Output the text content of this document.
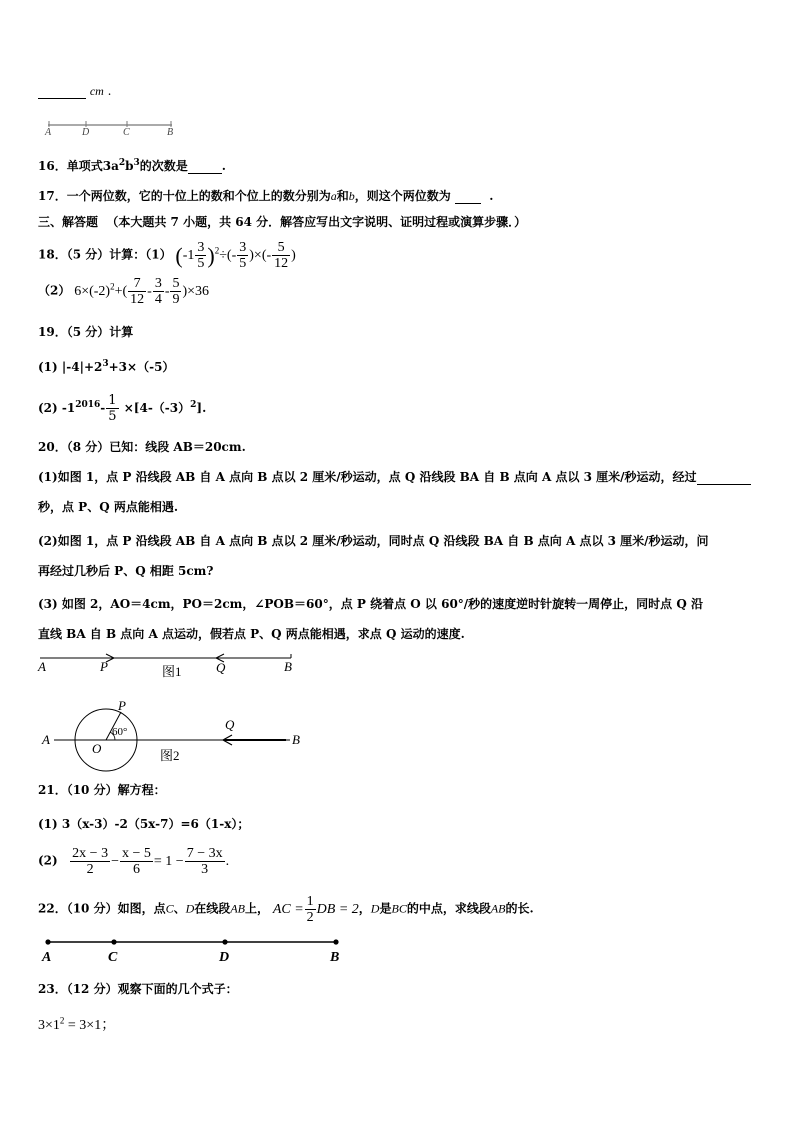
cm .
A	D	C	B
16．单项式$3a^2b^3$的次数是	.
17．一个两位数，它的十位上的数和个位上的数分别为a和b，则这个两位数为	.
三、解答题 （本大题共 7 小题，共 64 分．解答应写出文字说明、证明过程或演算步骤．）
18．（5 分）计算：（1） $(-1 \frac{3}{5} )^2\div(- \frac{3}{5}$ )×(- $\frac{5}{12}$ )
（2） $6\times(-2)^2+( \frac{7}{12} - \frac{3}{4} - \frac{5}{9} )\times 36$
19．（5 分）计算
(1) $|-4|+2^3+3\times(-5)$
(2) $-1^{2016}- \frac{1}{5} \times[4-(-3)^2]$.
20．（8 分）已知：线段 AB＝20cm.
(1)如图 1，点 P 沿线段 AB 自 A 点向 B 点以 2 厘米/秒运动，点 Q 沿线段 BA 自 B 点向 A 点以 3 厘米/秒运动，经过
秒，点 P、Q 两点能相遇.
(2)如图 1，点 P 沿线段 AB 自 A 点向 B 点以 2 厘米/秒运动，同时点 Q 沿线段 BA 自 B 点向 A 点以 3 厘米/秒运动，问
再经过几秒后 P、Q 相距 5cm?
(3) 如图 2，AO＝4cm，PO＝2cm，∠POB＝60°，点 P 绕着点 O 以 60°/秒的速度逆时针旋转一周停止，同时点 Q 沿
直线 BA 自 B 点向 A 点运动，假若点 P、Q 两点能相遇，求点 Q 运动的速度.
A	P	图1	Q	B
A
O
P
60°
图2
Q
B
21．（10 分）解方程：
(1) 3（x-3）-2（5x-7）=6（1-x）；
$(2) \frac{2x - 3}{2} - \frac{x - 5}{6} = 1 - \frac{7 - 3x}{3}$ .
22．（10 分）如图，点C、D在线段AB上， AC = $\frac{1}{2}$ DB = 2，D是BC的中点，求线段AB的长.
A	C	D	B
23．（12 分）观察下面的几个式子：
$3\times 1^2 = 3\times 1$；
